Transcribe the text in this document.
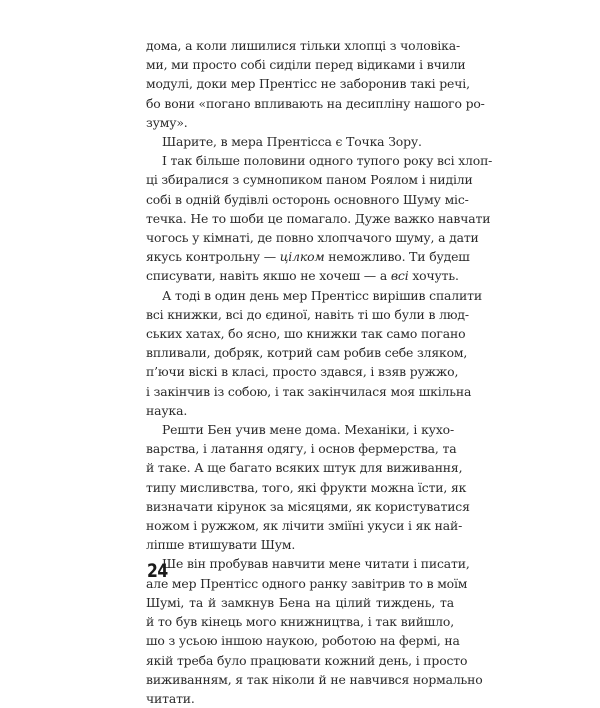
дома, а коли лишилися тільки хлопці з чоловіка-
ми, ми просто собі сиділи перед відиками і вчили
модулі, доки мер Прентісс не заборонив такі речі,
бо вони «погано впливають на десипліну нашого ро-
зуму».
Шарите, в мера Прентісса є Точка Зору.
І так більше половини одного тупого року всі хлоп-
ці збиралися з сумнопиком паном Роялом і ниділи
собі в одній будівлі осторонь основного Шуму міс-
течка. Не то шоби це помагало. Дуже важко навчати
чогось у кімнаті, де повно хлопчачого шуму, а дати
якусь контрольну — цілком неможливо. Ти будеш
списувати, навіть якшо не хочеш — а всі хочуть.
А тоді в один день мер Прентісс вирішив спалити
всі книжки, всі до єдиної, навіть ті шо були в люд-
ських хатах, бо ясно, шо книжки так само погано
впливали, добряк, котрий сам робив себе зляком,
п’ючи віскі в класі, просто здався, і взяв ружжо,
і закінчив із собою, і так закінчилася моя шкільна
наука.
Решти Бен учив мене дома. Механіки, і кухо-
варства, і латання одягу, і основ фермерства, та
й таке. А ще багато всяких штук для виживання,
типу мисливства, того, які фрукти можна їсти, як
визначати кірунок за місяцями, як користуватися
ножом і ружжом, як лічити зміїні укуси і як най-
ліпше втишувати Шум.
Ше він пробував навчити мене читати і писати,
але мер Прентісс одного ранку завітрив то в моїм
Шумі, та й замкнув Бена на цілий тиждень, та
й то був кінець мого книжництва, і так вийшло,
шо з усьою іншою наукою, роботою на фермі, на
якій треба було працювати кожний день, і просто
виживанням, я так ніколи й не навчився нормально
читати.
24
